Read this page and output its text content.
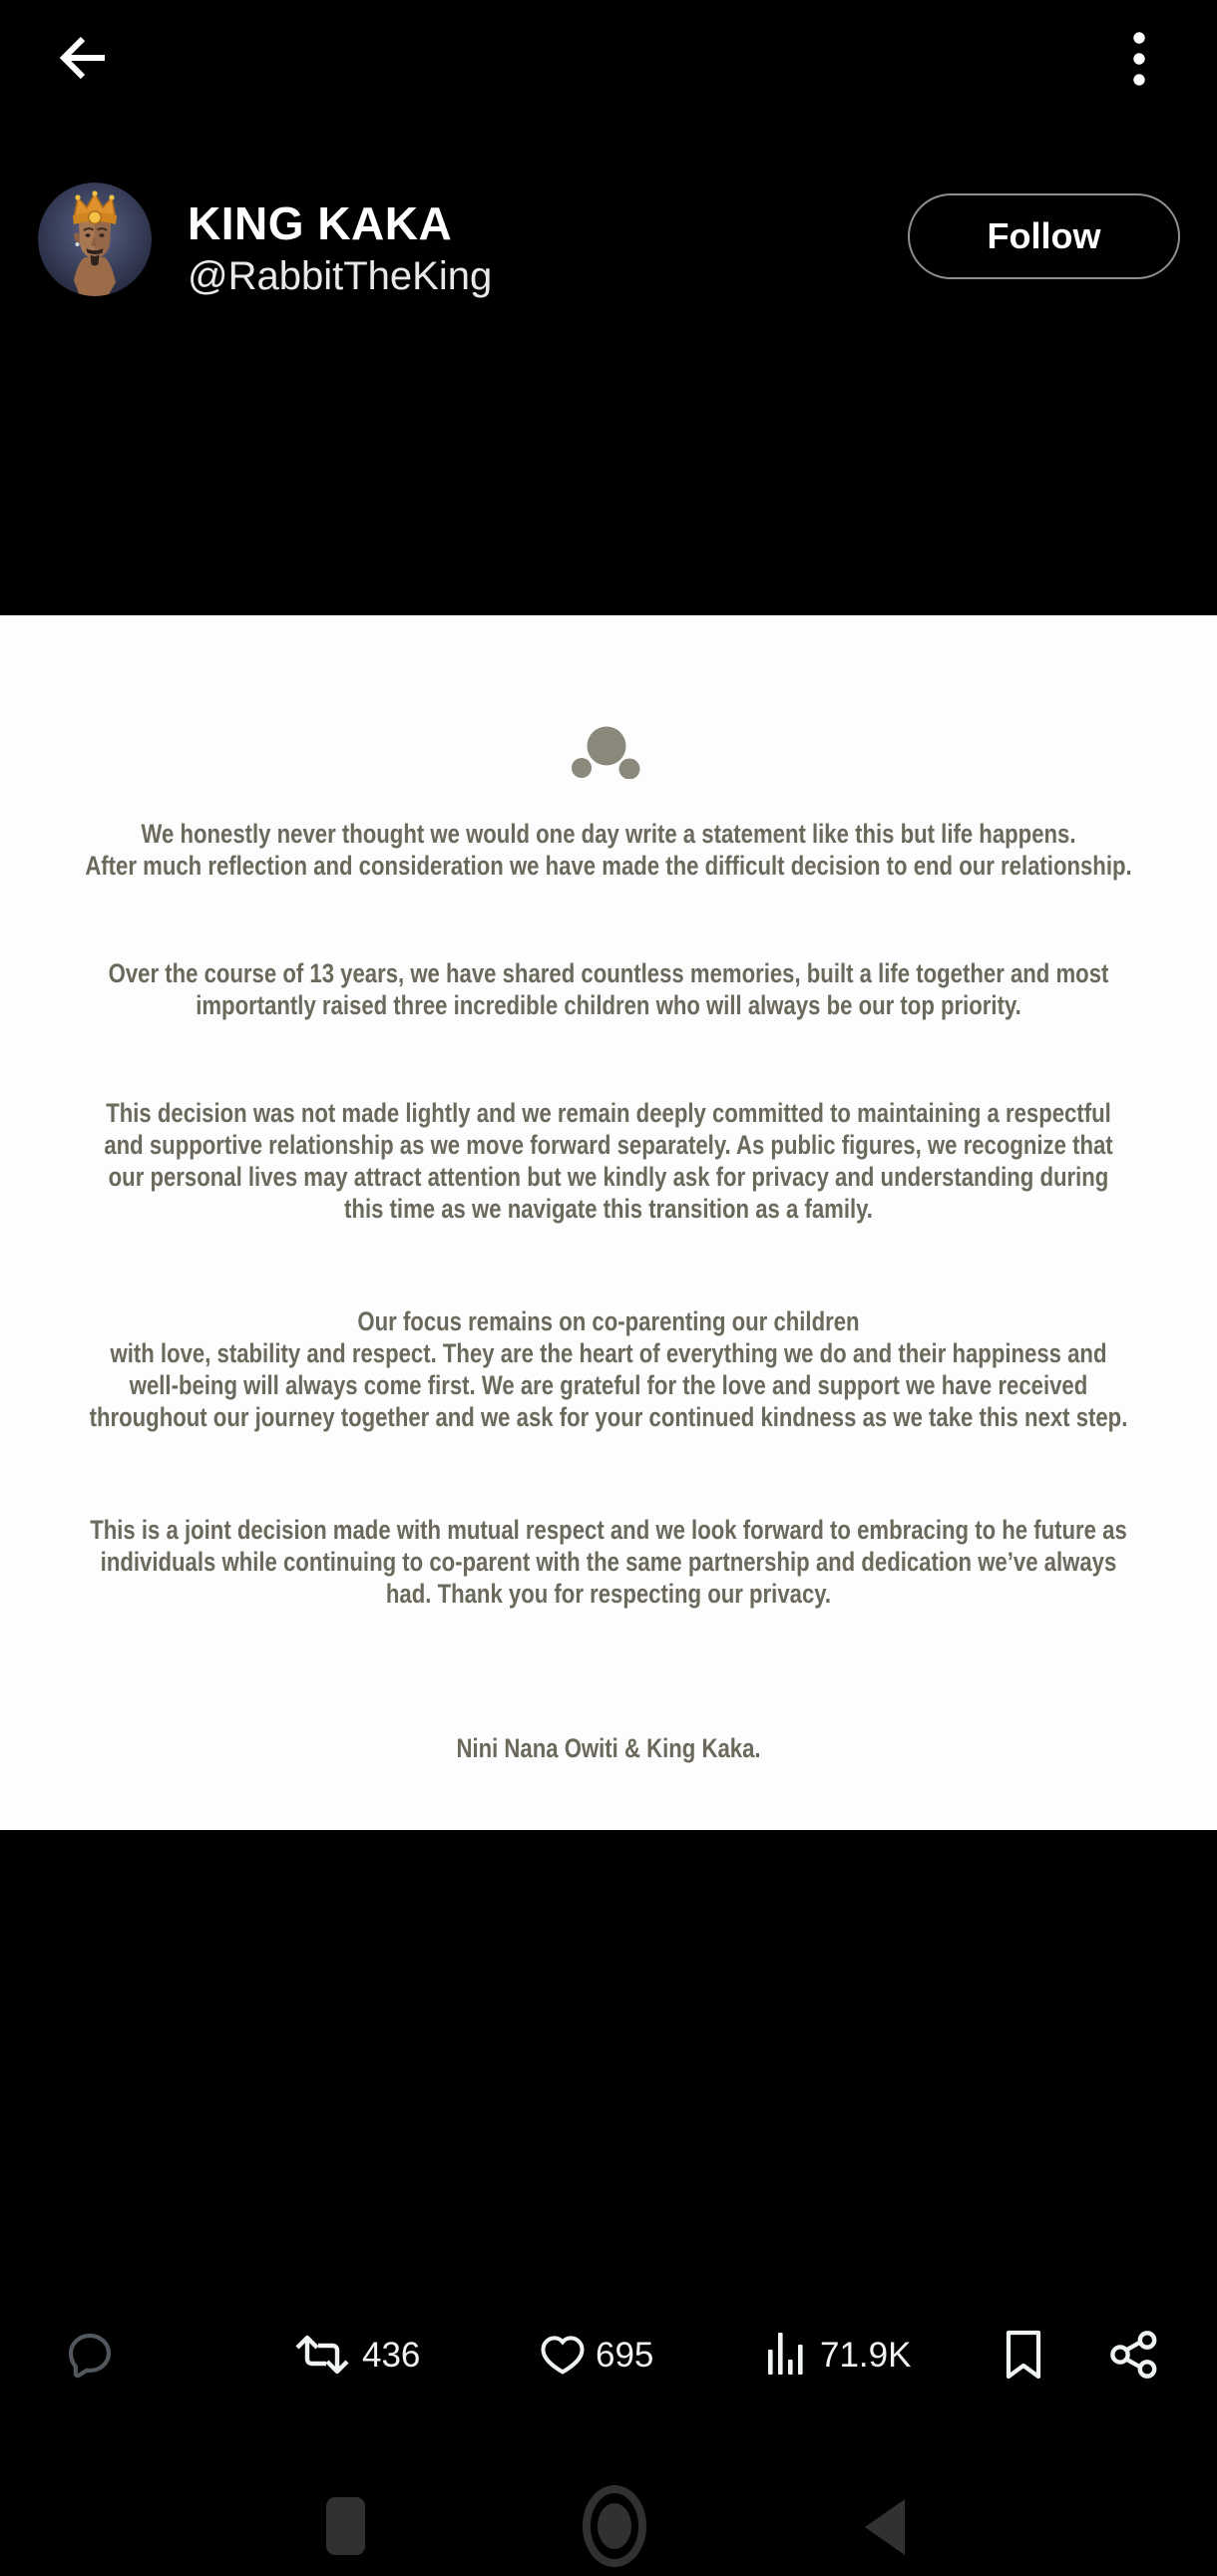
KING KAKA
@RabbitTheKing
Follow

We honestly never thought we would one day write a statement like this but life happens.
After much reflection and consideration we have made the difficult decision to end our relationship.

Over the course of 13 years, we have shared countless memories, built a life together and most
importantly raised three incredible children who will always be our top priority.

This decision was not made lightly and we remain deeply committed to maintaining a respectful
and supportive relationship as we move forward separately. As public figures, we recognize that
our personal lives may attract attention but we kindly ask for privacy and understanding during
this time as we navigate this transition as a family.

Our focus remains on co-parenting our children
with love, stability and respect. They are the heart of everything we do and their happiness and
well-being will always come first. We are grateful for the love and support we have received
throughout our journey together and we ask for your continued kindness as we take this next step.

This is a joint decision made with mutual respect and we look forward to embracing to he future as
individuals while continuing to co-parent with the same partnership and dedication we’ve always
had. Thank you for respecting our privacy.

Nini Nana Owiti & King Kaka.

436	695	71.9K
